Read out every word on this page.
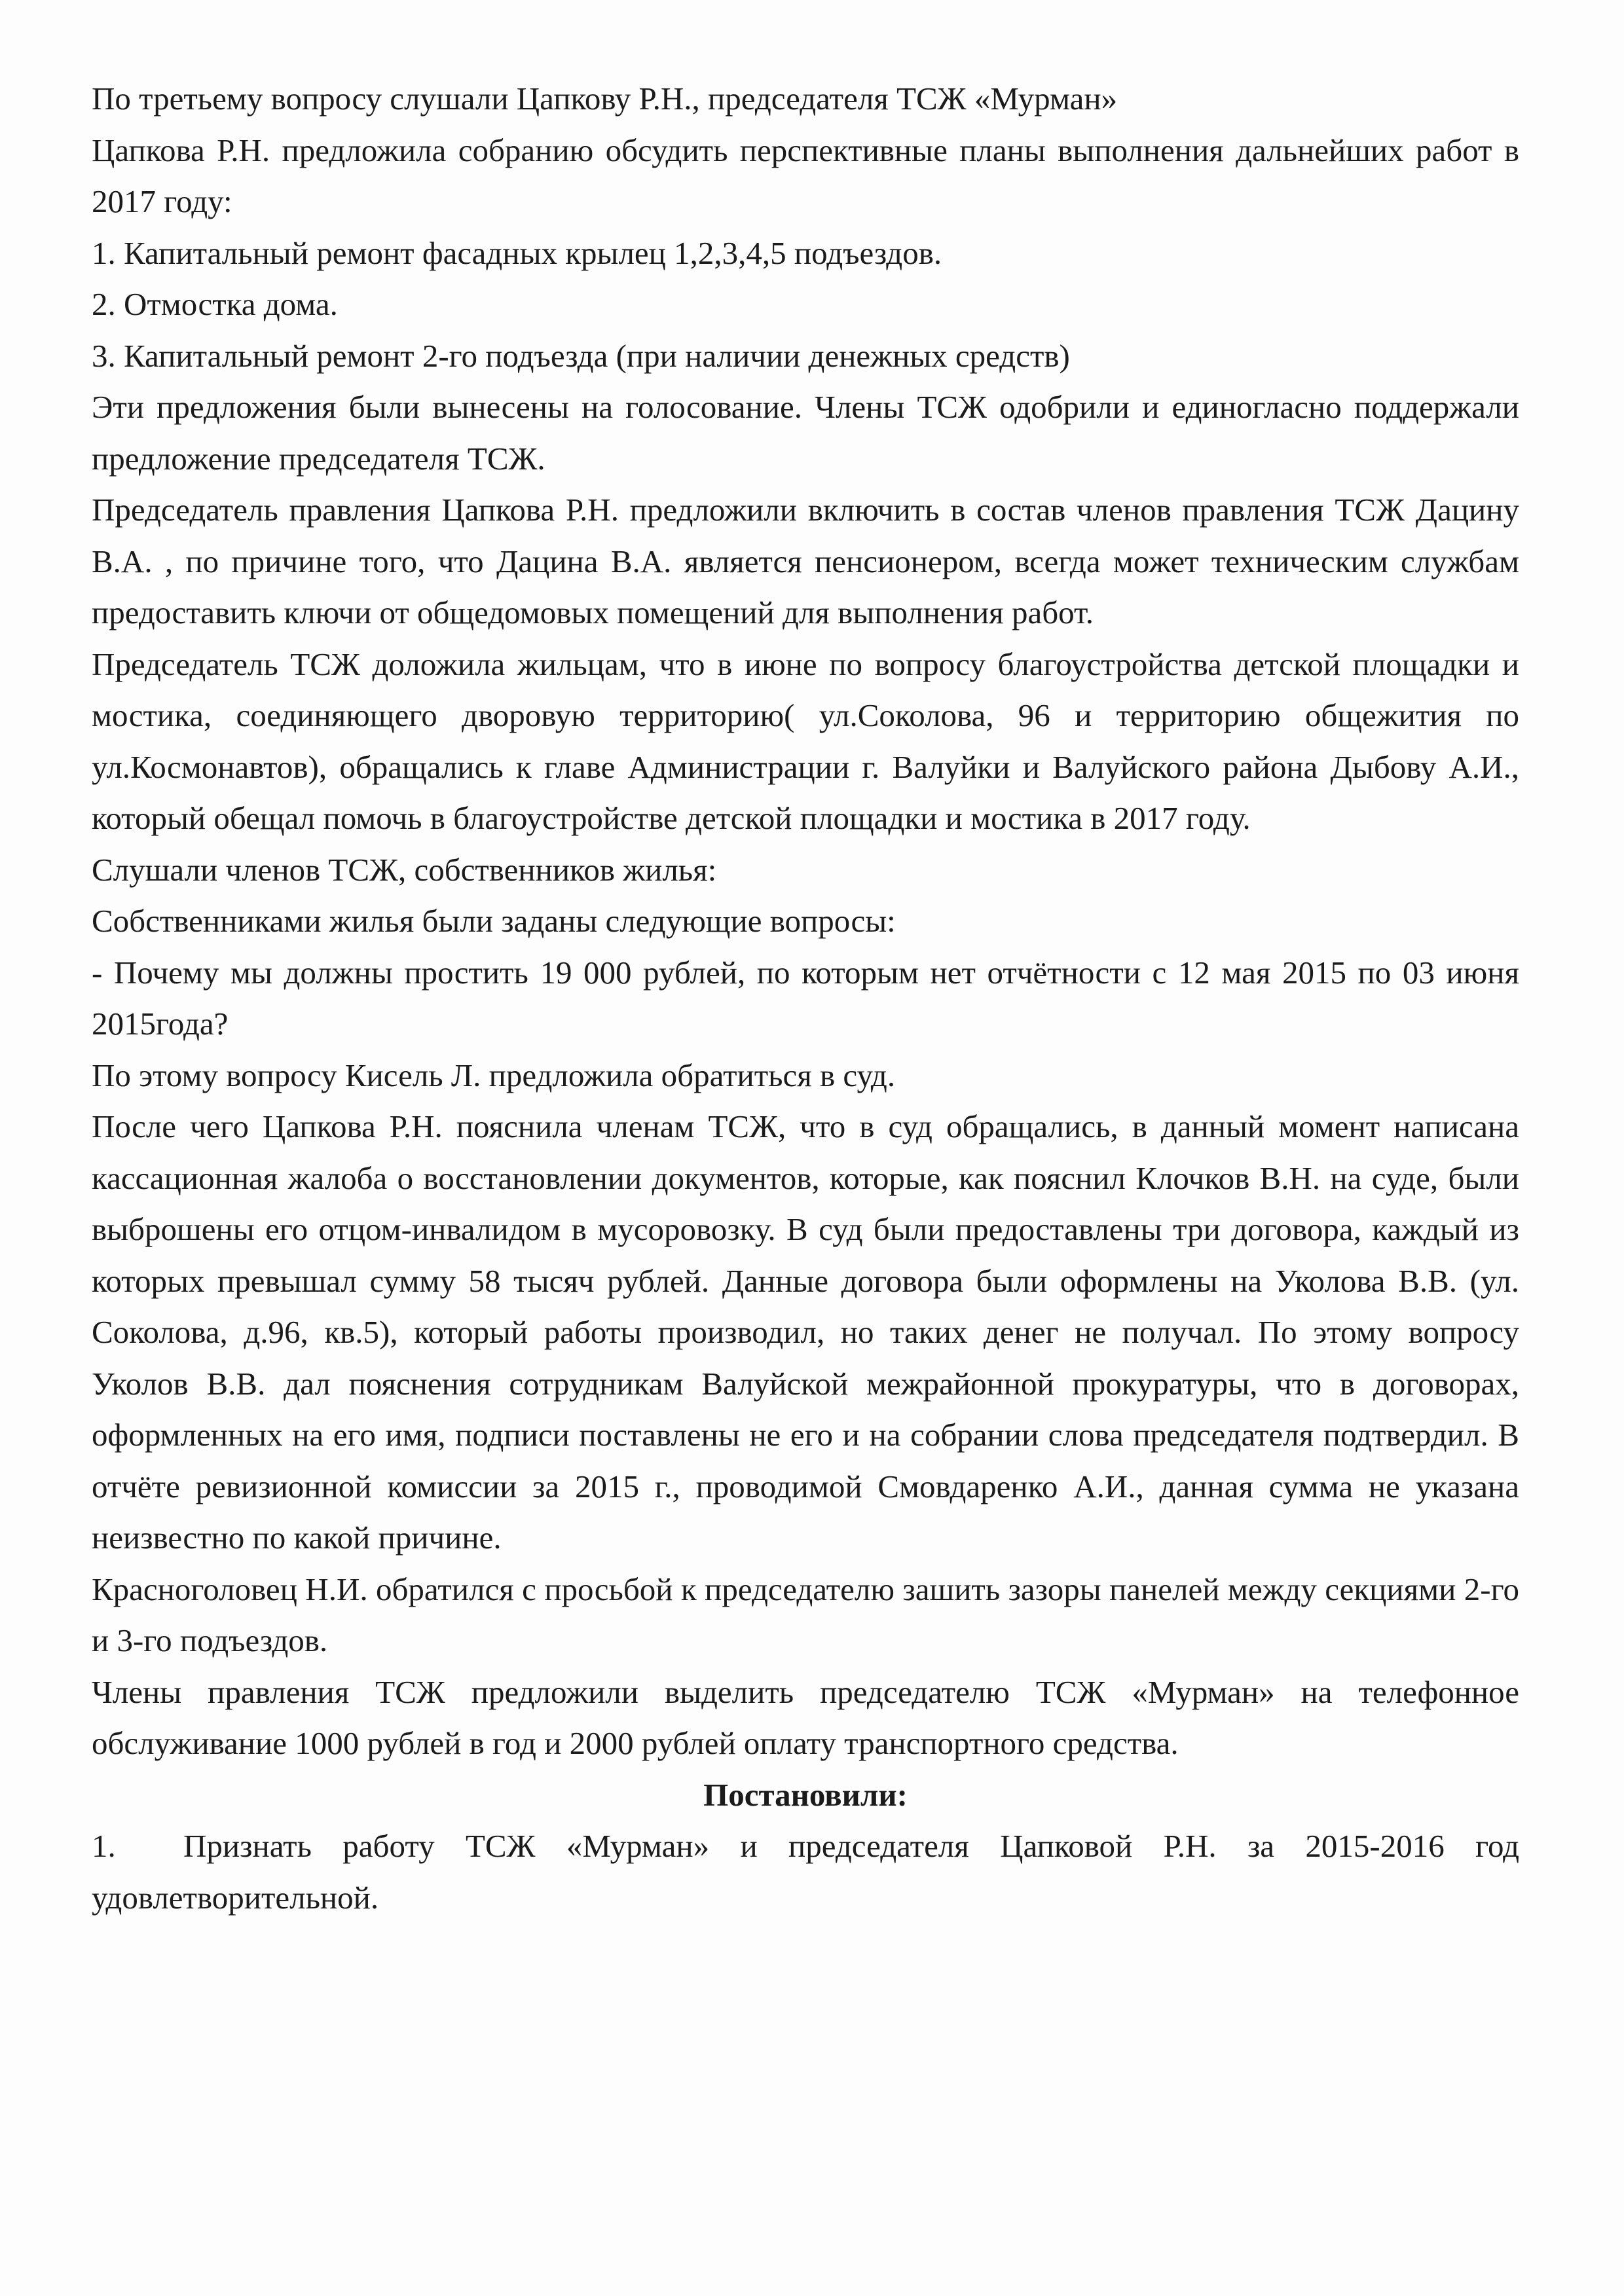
По третьему вопросу слушали Цапкову Р.Н., председателя ТСЖ «Мурман»

Цапкова Р.Н. предложила собранию обсудить перспективные планы выполнения дальнейших работ в 2017 году:

1. Капитальный ремонт фасадных крылец 1,2,3,4,5 подъездов.

2. Отмостка дома.

3. Капитальный ремонт 2-го подъезда (при наличии денежных средств)

Эти предложения были вынесены на голосование. Члены ТСЖ одобрили и единогласно поддержали предложение председателя ТСЖ.

Председатель правления Цапкова Р.Н. предложили включить в состав членов правления ТСЖ Дацину В.А. , по причине того, что Дацина В.А. является пенсионером, всегда может техническим службам предоставить ключи от общедомовых помещений для выполнения работ.

Председатель ТСЖ доложила жильцам, что в июне по вопросу благоустройства детской площадки и мостика, соединяющего дворовую территорию( ул.Соколова, 96 и территорию общежития по ул.Космонавтов), обращались к главе Администрации г. Валуйки и Валуйского района Дыбову А.И., который обещал помочь в благоустройстве детской площадки и мостика в 2017 году.

Слушали членов ТСЖ, собственников жилья:

Собственниками жилья были заданы следующие вопросы:

- Почему мы должны простить 19 000 рублей, по которым нет отчётности с 12 мая 2015 по 03 июня 2015года?

По этому вопросу Кисель Л. предложила обратиться в суд.

После чего Цапкова Р.Н. пояснила членам ТСЖ, что в суд обращались, в данный момент написана кассационная жалоба о восстановлении документов, которые, как пояснил Клочков В.Н. на суде, были выброшены его отцом-инвалидом в мусоровозку. В суд были предоставлены три договора, каждый из которых превышал сумму 58 тысяч рублей. Данные договора были оформлены на Уколова В.В. (ул. Соколова, д.96, кв.5), который работы производил, но таких денег не получал. По этому вопросу Уколов В.В. дал пояснения сотрудникам Валуйской межрайонной прокуратуры, что в договорах, оформленных на его имя, подписи поставлены не его и на собрании слова председателя подтвердил. В отчёте ревизионной комиссии за 2015 г., проводимой Смовдаренко А.И., данная сумма не указана неизвестно по какой причине.

Красноголовец Н.И. обратился с просьбой к председателю зашить зазоры панелей между секциями 2-го и 3-го подъездов.

Члены правления ТСЖ предложили выделить председателю ТСЖ «Мурман» на телефонное обслуживание 1000 рублей в год и 2000 рублей оплату транспортного средства.

Постановили:

1. Признать работу ТСЖ «Мурман» и председателя Цапковой Р.Н. за 2015-2016 год удовлетворительной.
